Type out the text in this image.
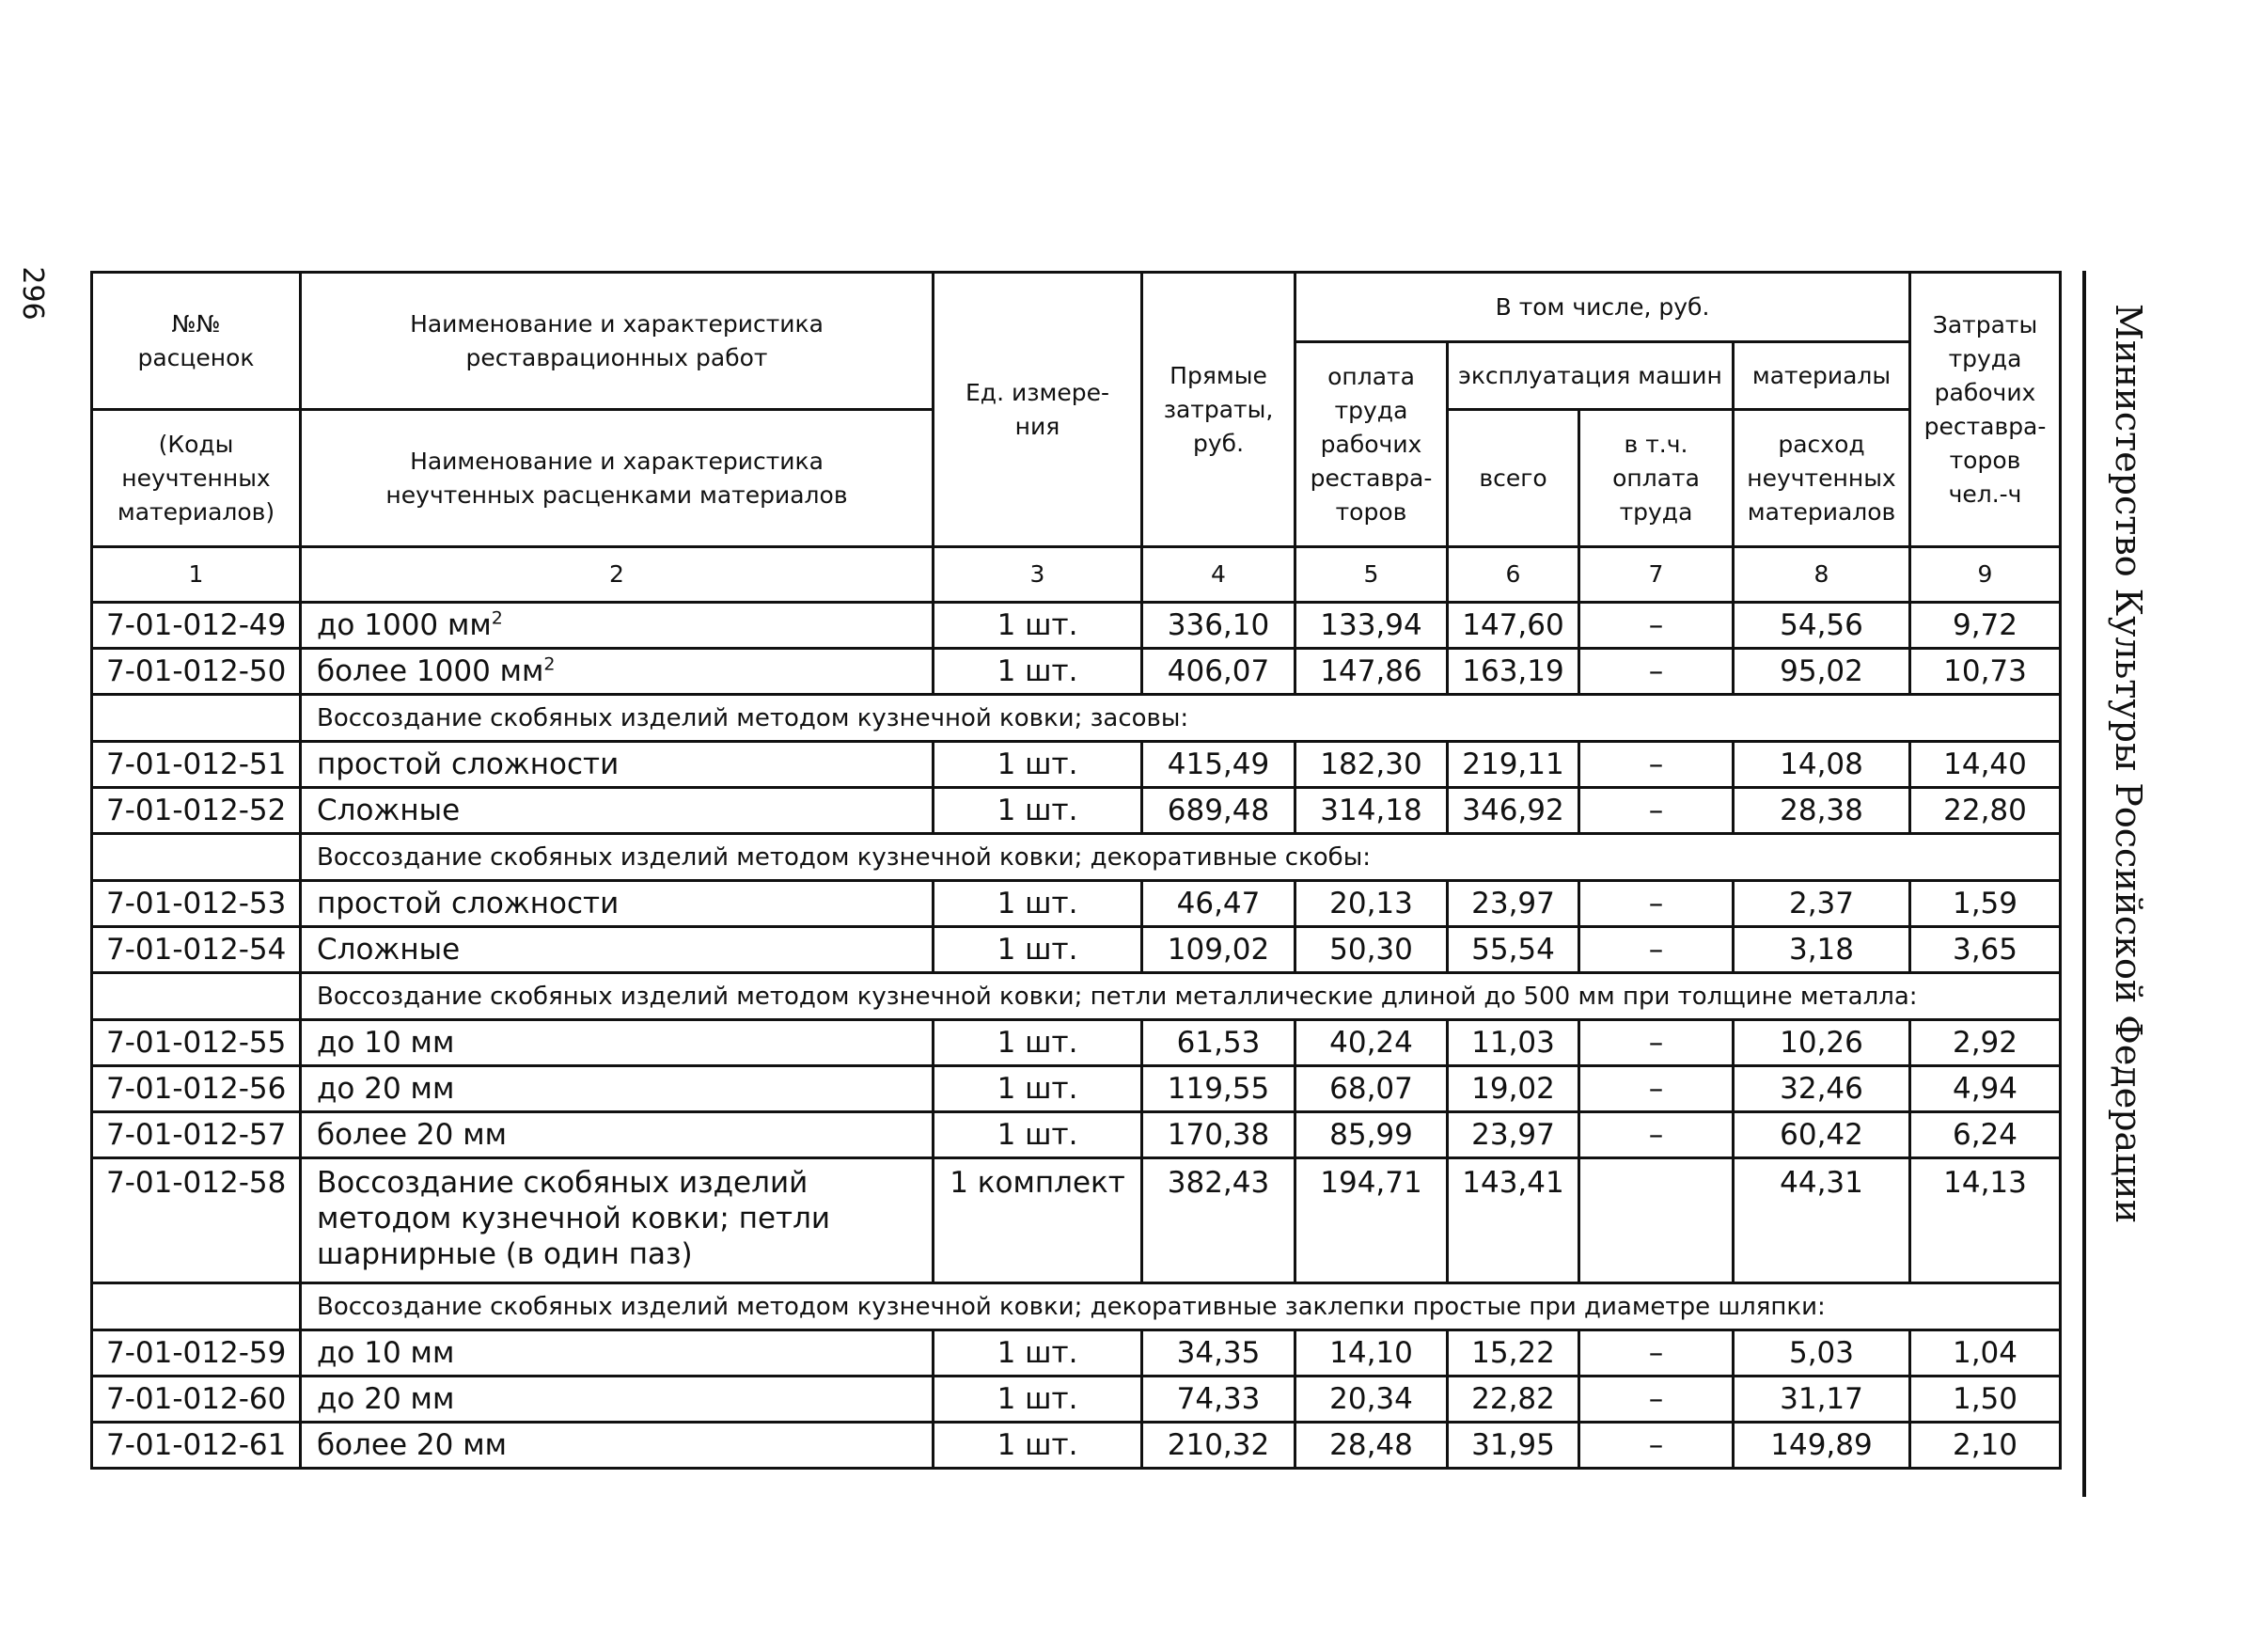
296
Министерство Культуры Российской Федерации
№№ расценок	Наименование и характеристика реставрационных работ	Ед. измере-ния	Прямые затраты, руб.	В том числе, руб.				Затраты труда рабочих реставра-торов чел.-ч
				оплата труда рабочих реставра-торов	эксплуатация машин		материалы	
(Коды неучтенных материалов)	Наименование и характеристика неучтенных расценками материалов				всего	в т.ч. оплата труда	расход неучтенных материалов	

1	2	3	4	5	6	7	8	9
7-01-012-49	до 1000 $мм^2$	1 шт.	336,10	133,94	147,60	–	54,56	9,72
7-01-012-50	более 1000 $мм^2$	1 шт.	406,07	147,86	163,19	–	95,02	10,73
	Воссоздание скобяных изделий методом кузнечной ковки; засовы:							
7-01-012-51	простой сложности	1 шт.	415,49	182,30	219,11	–	14,08	14,40
7-01-012-52	Сложные	1 шт.	689,48	314,18	346,92	–	28,38	22,80
	Воссоздание скобяных изделий методом кузнечной ковки; декоративные скобы:							
7-01-012-53	простой сложности	1 шт.	46,47	20,13	23,97	–	2,37	1,59
7-01-012-54	Сложные	1 шт.	109,02	50,30	55,54	–	3,18	3,65
	Воссоздание скобяных изделий методом кузнечной ковки; петли металлические длиной до 500 мм при толщине металла:							
7-01-012-55	до 10 мм	1 шт.	61,53	40,24	11,03	–	10,26	2,92
7-01-012-56	до 20 мм	1 шт.	119,55	68,07	19,02	–	32,46	4,94
7-01-012-57	более 20 мм	1 шт.	170,38	85,99	23,97	–	60,42	6,24
7-01-012-58	Воссоздание скобяных изделий методом кузнечной ковки; петли шарнирные (в один паз)	1 комплект	382,43	194,71	143,41		44,31	14,13
	Воссоздание скобяных изделий методом кузнечной ковки; декоративные заклепки простые при диаметре шляпки:							
7-01-012-59	до 10 мм	1 шт.	34,35	14,10	15,22	–	5,03	1,04
7-01-012-60	до 20 мм	1 шт.	74,33	20,34	22,82	–	31,17	1,50
7-01-012-61	более 20 мм	1 шт.	210,32	28,48	31,95	–	149,89	2,10
